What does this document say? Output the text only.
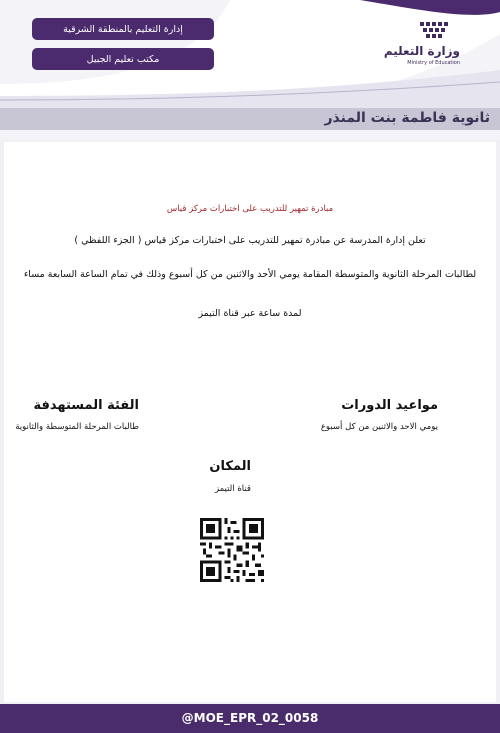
إدارة التعليم بالمنطقة الشرقية
مكتب تعليم الجبيل
وزارة التعليم
Ministry of Education
ثانوية فاطمة بنت المنذر
مبادرة تمهير للتدريب على اختبارات مركز قياس
تعلن إدارة المدرسة عن مبادرة تمهير للتدريب على اختبارات مركز قياس ( الجزء اللفظي )
لطالبات المرحلة الثانوية والمتوسطة المقامة يومي الأحد والاثنين من كل أسبوع وذلك في تمام الساعة السابعة مساء
لمدة ساعة عبر قناة التيمز
مواعيد الدورات
يومي الاحد والاثنين من كل أسبوع
الفئة المستهدفة
طالبات المرحلة المتوسطة والثانوية
المكان
قناة التيمز
@MOE_EPR_02_0058
